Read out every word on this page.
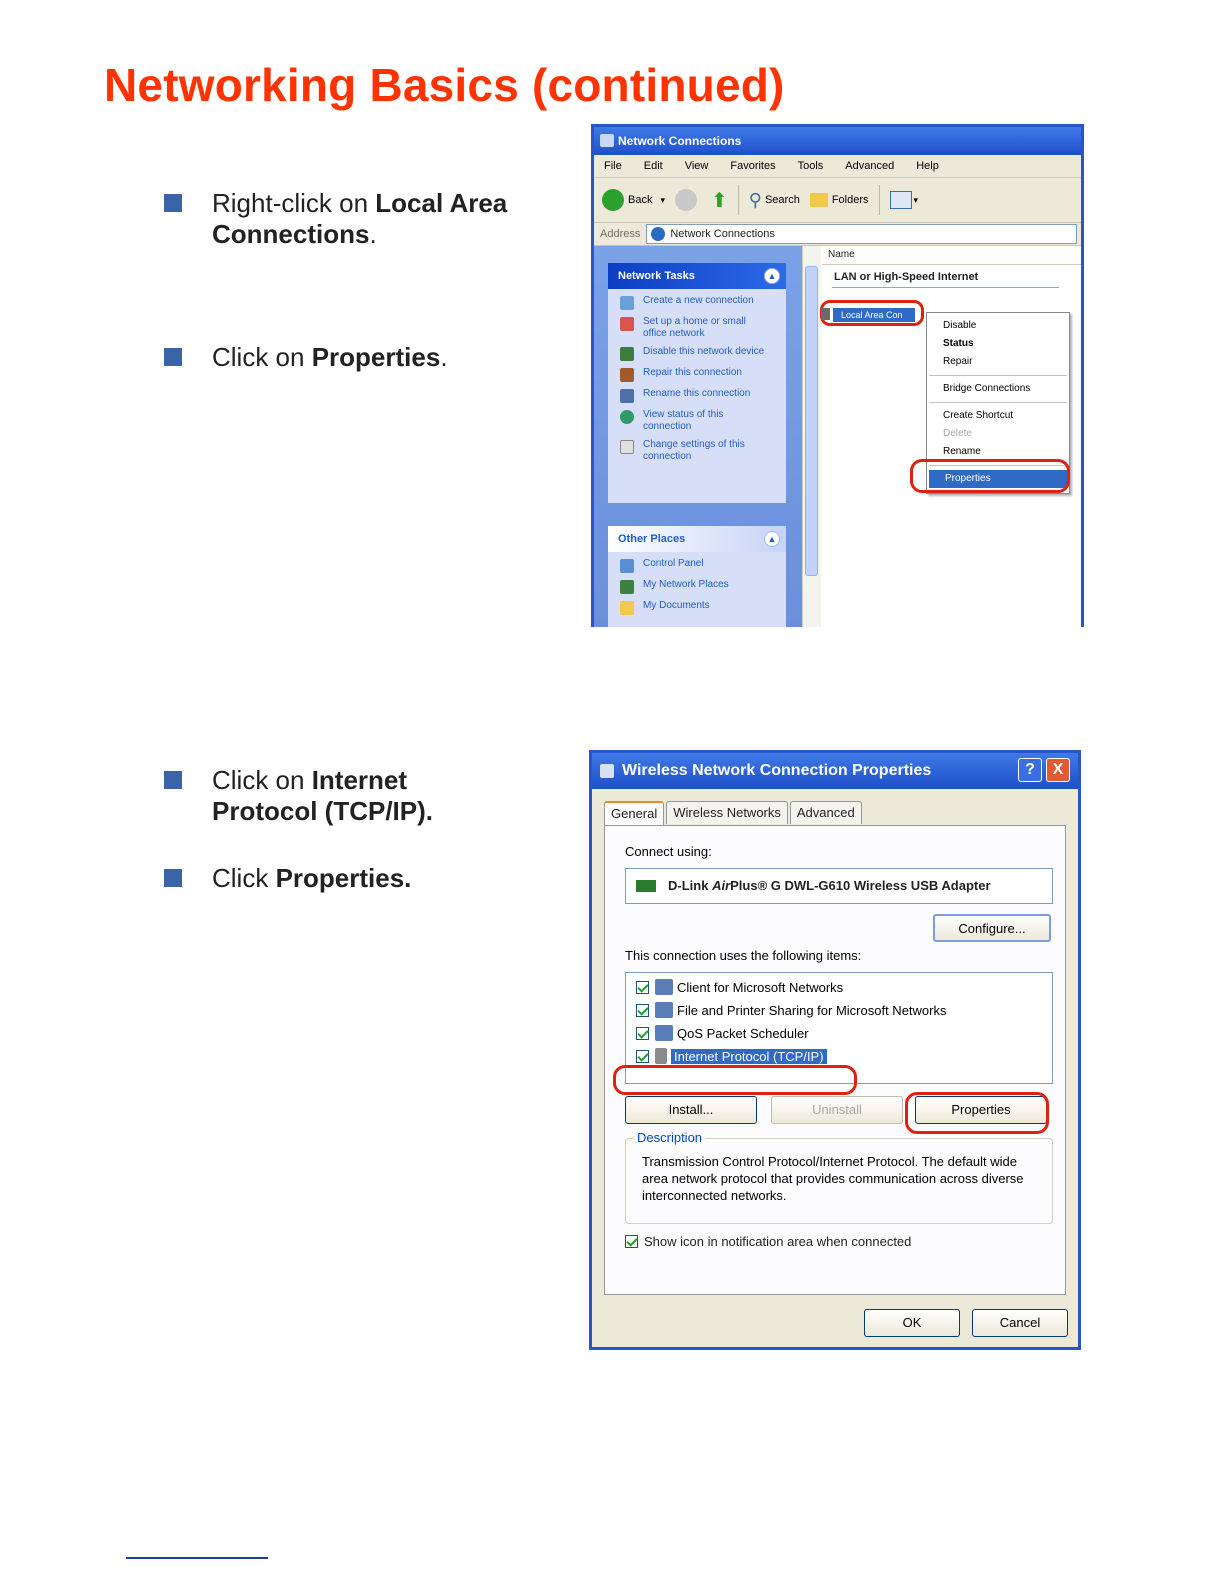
Networking Basics (continued)
Right-click on Local Area Connections.
Click on Properties.
Click on Internet Protocol (TCP/IP).
Click Properties.
Network Connections
File Edit View Favorites Tools Advanced Help
Back ▾ ⬆ ⚲ Search	Folders	▾
Address	Network Connections
Network Tasks	▲
Create a new connection
Set up a home or small office network
Disable this network device
Repair this connection
Rename this connection
View status of this connection
Change settings of this connection
Other Places	▲
Control Panel
My Network Places
My Documents
Name
LAN or High-Speed Internet
Local Area Con
Disable
Status
Repair
Bridge Connections
Create Shortcut
Delete
Rename
Properties
Wireless Network Connection Properties	?	X
General	Wireless Networks	Advanced
Connect using:
D-Link AirPlus® G DWL-G610 Wireless USB Adapter
Configure...
This connection uses the following items:
Client for Microsoft Networks
File and Printer Sharing for Microsoft Networks
QoS Packet Scheduler
Internet Protocol (TCP/IP)
Install...	Uninstall	Properties
Description
Transmission Control Protocol/Internet Protocol. The default wide area network protocol that provides communication across diverse interconnected networks.
Show icon in notification area when connected
OK	Cancel
